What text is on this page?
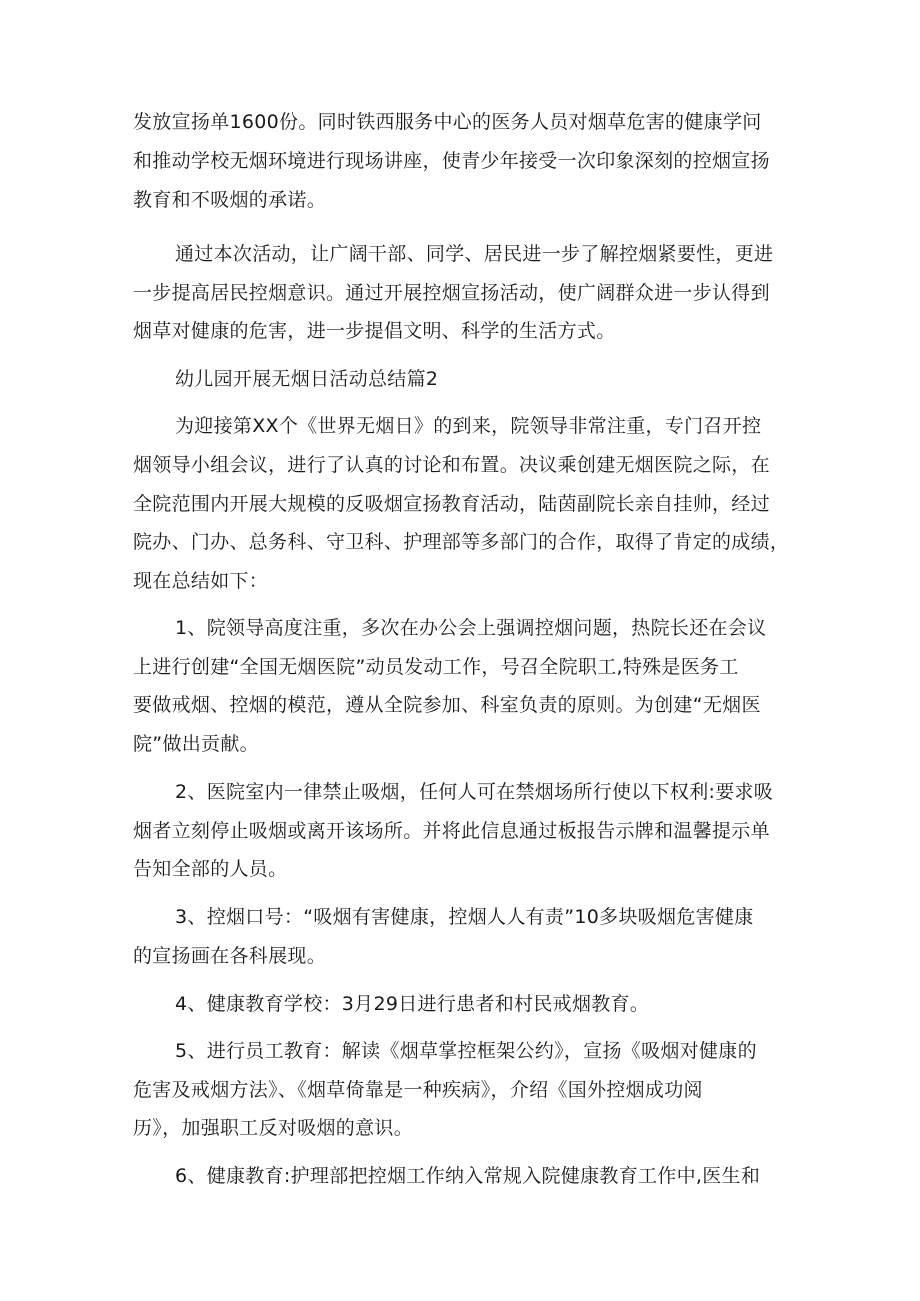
发放宣扬单1600份。同时铁西服务中心的医务人员对烟草危害的健康学问
和推动学校无烟环境进行现场讲座，使青少年接受一次印象深刻的控烟宣扬
教育和不吸烟的承诺。
通过本次活动，让广阔干部、同学、居民进一步了解控烟紧要性，更进
一步提高居民控烟意识。通过开展控烟宣扬活动，使广阔群众进一步认得到
烟草对健康的危害，进一步提倡文明、科学的生活方式。
幼儿园开展无烟日活动总结篇2
为迎接第XX个《世界无烟日》的到来，院领导非常注重，专门召开控
烟领导小组会议，进行了认真的讨论和布置。决议乘创建无烟医院之际，在
全院范围内开展大规模的反吸烟宣扬教育活动，陆茵副院长亲自挂帅，经过
院办、门办、总务科、守卫科、护理部等多部门的合作，取得了肯定的成绩，
现在总结如下：
1、院领导高度注重，多次在办公会上强调控烟问题，热院长还在会议
上进行创建“全国无烟医院”动员发动工作，号召全院职工,特殊是医务工
要做戒烟、控烟的模范，遵从全院参加、科室负责的原则。为创建“无烟医
院”做出贡献。
2、医院室内一律禁止吸烟，任何人可在禁烟场所行使以下权利:要求吸
烟者立刻停止吸烟或离开该场所。并将此信息通过板报告示牌和温馨提示单
告知全部的人员。
3、控烟口号：“吸烟有害健康，控烟人人有责”10多块吸烟危害健康
的宣扬画在各科展现。
4、健康教育学校：3月29日进行患者和村民戒烟教育。
5、进行员工教育：解读《烟草掌控框架公约》，宣扬《吸烟对健康的
危害及戒烟方法》、《烟草倚靠是一种疾病》，介绍《国外控烟成功阅
历》，加强职工反对吸烟的意识。
6、健康教育:护理部把控烟工作纳入常规入院健康教育工作中,医生和
